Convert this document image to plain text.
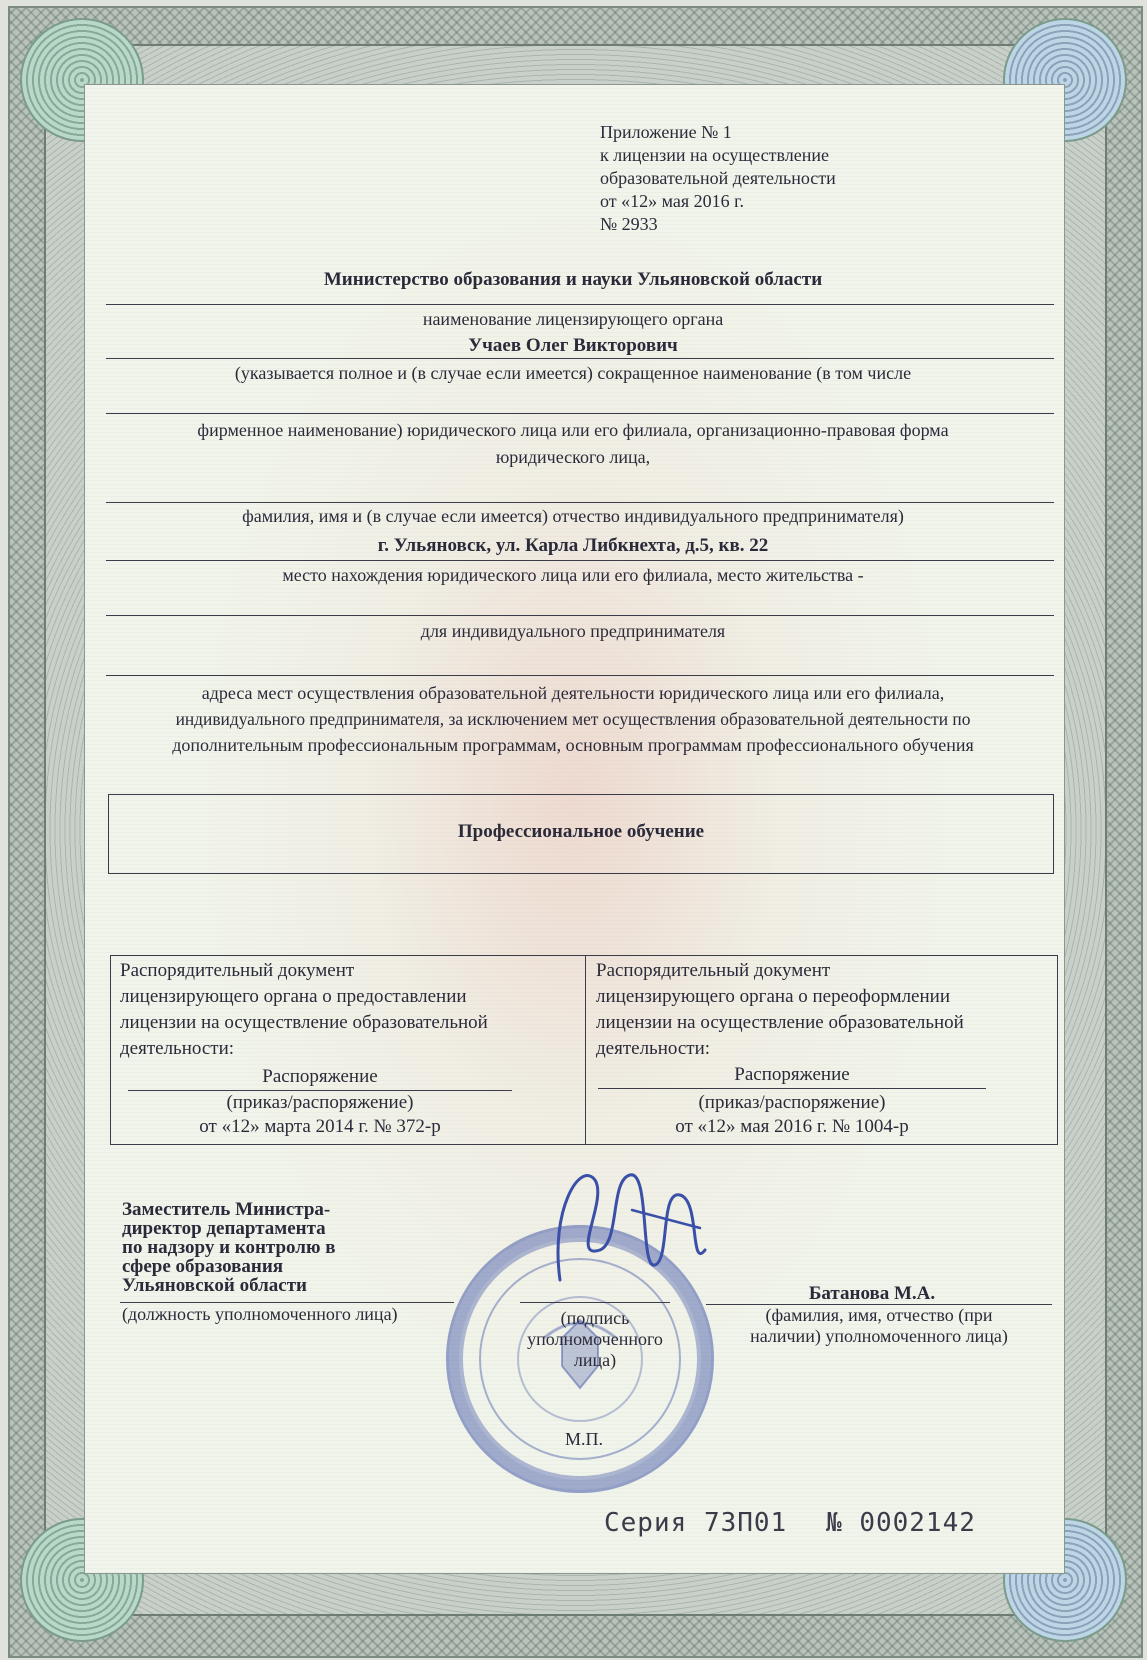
Приложение № 1
к лицензии на осуществление
образовательной деятельности
от «12» мая 2016 г.
№ 2933
Министерство образования и науки Ульяновской области
наименование лицензирующего органа
Учаев Олег Викторович
(указывается полное и (в случае если имеется) сокращенное наименование (в том числе
фирменное наименование) юридического лица или его филиала, организационно-правовая форма
юридического лица,
фамилия, имя и (в случае если имеется) отчество индивидуального предпринимателя)
г. Ульяновск, ул. Карла Либкнехта, д.5, кв. 22
место нахождения юридического лица или его филиала, место жительства -
для индивидуального предпринимателя
адреса мест осуществления образовательной деятельности юридического лица или его филиала,
индивидуального предпринимателя, за исключением мет осуществления образовательной деятельности по
дополнительным профессиональным программам, основным программам профессионального обучения
Профессиональное обучение
Распорядительный документ
лицензирующего органа о предоставлении
лицензии на осуществление образовательной
деятельности:
Распоряжение
(приказ/распоряжение)
от «12» марта 2014 г. № 372-р
Распорядительный документ
лицензирующего органа о переоформлении
лицензии на осуществление образовательной
деятельности:
Распоряжение
(приказ/распоряжение)
от «12» мая 2016 г. № 1004-р
Заместитель Министра-
директор департамента
по надзору и контролю в
сфере образования
Ульяновской области
(должность уполномоченного лица)	(подпись
уполномоченного
лица)
М.П.
Батанова М.А.
(фамилия, имя, отчество (при
наличии) уполномоченного лица)
Серия 73П01 № 0002142
